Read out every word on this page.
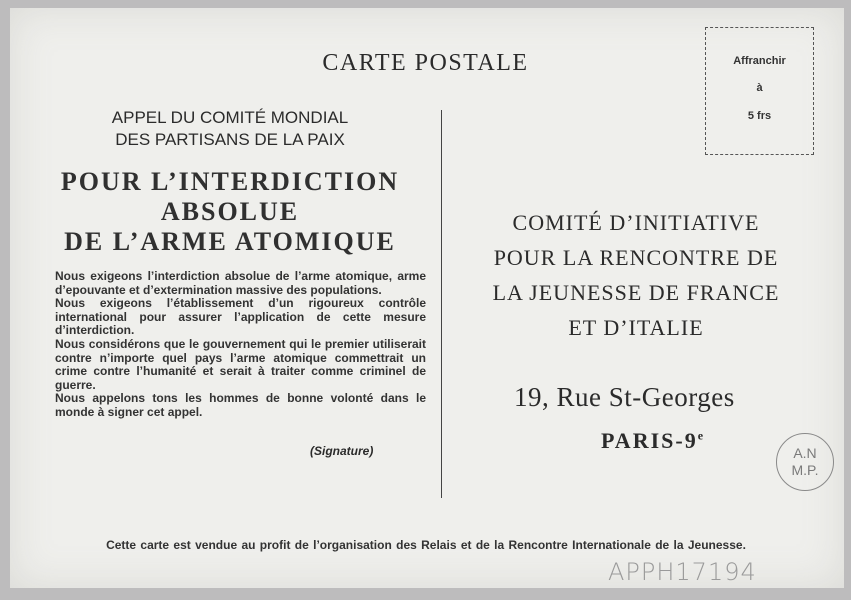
CARTE POSTALE	Affranchir
à
5 frs
APPEL DU COMITÉ MONDIAL
DES PARTISANS DE LA PAIX
POUR L’INTERDICTION
ABSOLUE
DE L’ARME ATOMIQUE

Nous exigeons l’interdiction absolue de l’arme atomique, arme d’epouvante et d’extermination massive des populations.

Nous exigeons l’établissement d’un rigoureux contrôle international pour assurer l’application de cette mesure d’interdiction.

Nous considérons que le gouvernement qui le premier utiliserait contre n’importe quel pays l’arme atomique commettrait un crime contre l’humanité et serait à traiter comme criminel de guerre.

Nous appelons tons les hommes de bonne volonté dans le monde à signer cet appel.

(Signature)
COMITÉ D’INITIATIVE
POUR LA RENCONTRE DE
LA JEUNESSE DE FRANCE
ET D’ITALIE
19, Rue St-Georges
PARIS-9e
A.N
M.P.
Cette carte est vendue au profit de l’organisation des Relais et de la Rencontre Internationale de la Jeunesse.
APPH17194
